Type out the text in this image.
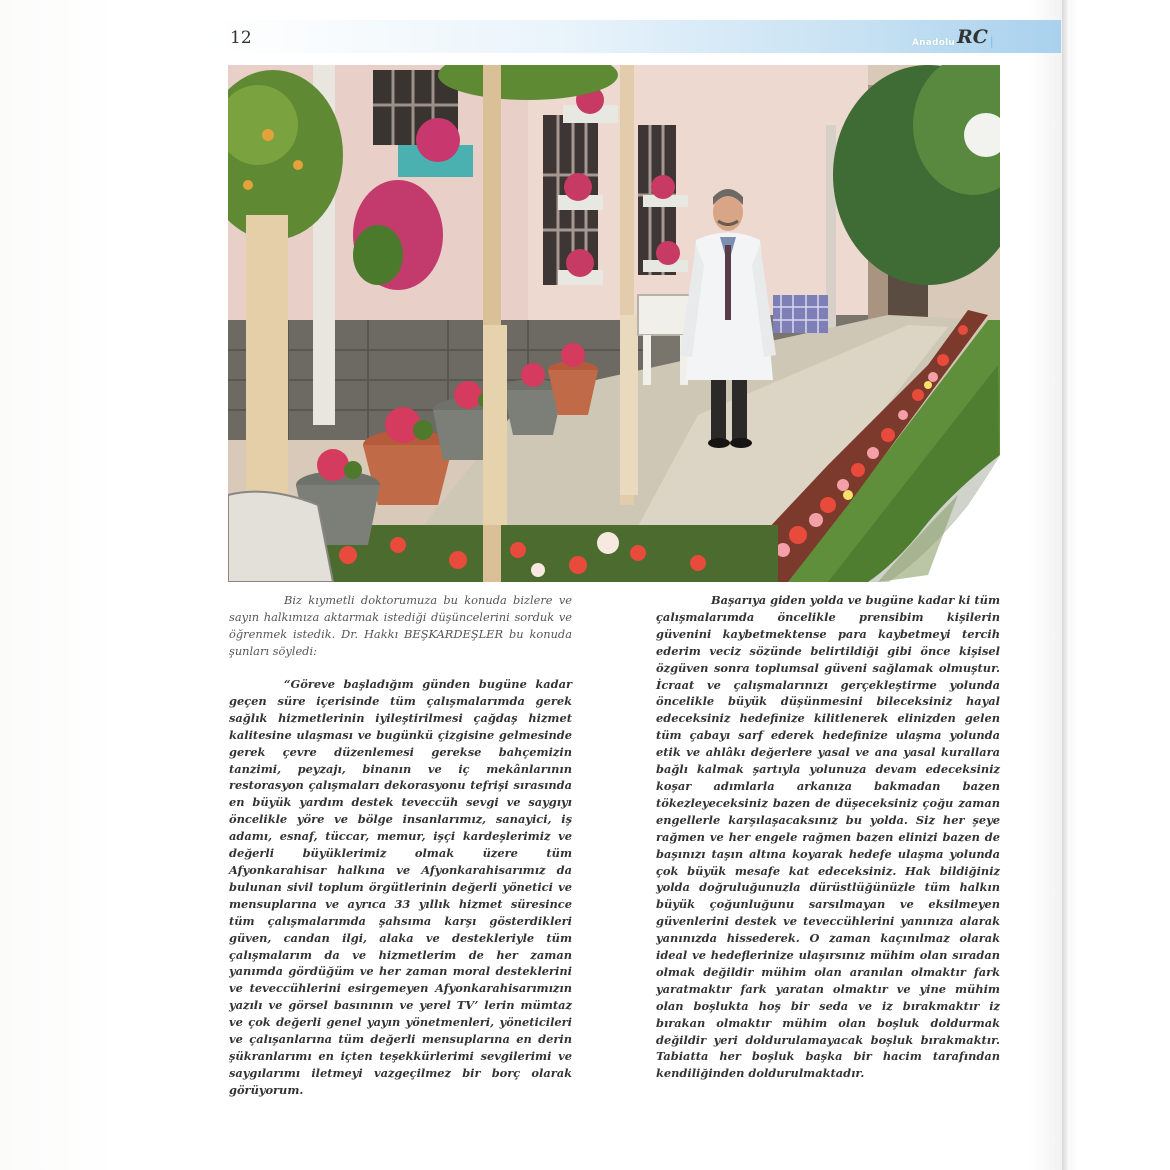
12	Anadolu RC |
Biz kıymetli doktorumuza bu konuda bizlere ve sayın halkımıza aktarmak istediği düşüncelerini sorduk ve öğrenmek istedik. Dr. Hakkı BEŞKARDEŞLER bu konuda şunları söyledi:
“Göreve başladığım günden bugüne kadar geçen süre içerisinde tüm çalışmalarımda gerek sağlık hizmetlerinin iyileştirilmesi çağdaş hizmet kalitesine ulaşması ve bugünkü çizgisine gelmesinde gerek çevre düzenlemesi gerekse bahçemizin tanzimi, peyzajı, binanın ve iç mekânlarının restorasyon çalışmaları dekorasyonu tefrişi sırasında en büyük yardım destek teveccüh sevgi ve saygıyı öncelikle yöre ve bölge insanlarımız, sanayici, iş adamı, esnaf, tüccar, memur, işçi kardeşlerimiz ve değerli büyüklerimiz olmak üzere tüm Afyonkarahisar halkına ve Afyonkarahisarımız da bulunan sivil toplum örgütlerinin değerli yönetici ve mensuplarına ve ayrıca 33 yıllık hizmet süresince tüm çalışmalarımda şahsıma karşı gösterdikleri güven, candan ilgi, alaka ve destekleriyle tüm çalışmalarım da ve hizmetlerim de her zaman yanımda gördüğüm ve her zaman moral desteklerini ve teveccühlerini esirgemeyen Afyonkarahisarımızın yazılı ve görsel basınının ve yerel TV’ lerin mümtaz ve çok değerli genel yayın yönetmenleri, yöneticileri ve çalışanlarına tüm değerli mensuplarına en derin şükranlarımı en içten teşekkürlerimi sevgilerimi ve saygılarımı iletmeyi vazgeçilmez bir borç olarak görüyorum.
Başarıya giden yolda ve bugüne kadar ki tüm çalışmalarımda öncelikle prensibim kişilerin güvenini kaybetmektense para kaybetmeyi tercih ederim veciz sözünde belirtildiği gibi önce kişisel özgüven sonra toplumsal güveni sağlamak olmuştur. İcraat ve çalışmalarınızı gerçekleştirme yolunda öncelikle büyük düşünmesini bileceksiniz hayal edeceksiniz hedefinize kilitlenerek elinizden gelen tüm çabayı sarf ederek hedefinize ulaşma yolunda etik ve ahlâkı değerlere yasal ve ana yasal kurallara bağlı kalmak şartıyla yolunuza devam edeceksiniz koşar adımlarla arkanıza bakmadan bazen tökezleyeceksiniz bazen de düşeceksiniz çoğu zaman engellerle karşılaşacaksınız bu yolda. Siz her şeye rağmen ve her engele rağmen bazen elinizi bazen de başınızı taşın altına koyarak hedefe ulaşma yolunda çok büyük mesafe kat edeceksiniz. Hak bildiğiniz yolda doğruluğunuzla dürüstlüğünüzle tüm halkın büyük çoğunluğunu sarsılmayan ve eksilmeyen güvenlerini destek ve teveccühlerini yanınıza alarak yanınızda hissederek. O zaman kaçınılmaz olarak ideal ve hedeflerinize ulaşırsınız mühim olan sıradan olmak değildir mühim olan aranılan olmaktır fark yaratmaktır fark yaratan olmaktır ve yine mühim olan boşlukta hoş bir seda ve iz bırakmaktır iz bırakan olmaktır mühim olan boşluk doldurmak değildir yeri doldurulamayacak boşluk bırakmaktır. Tabiatta her boşluk başka bir hacim tarafından kendiliğinden doldurulmaktadır.
